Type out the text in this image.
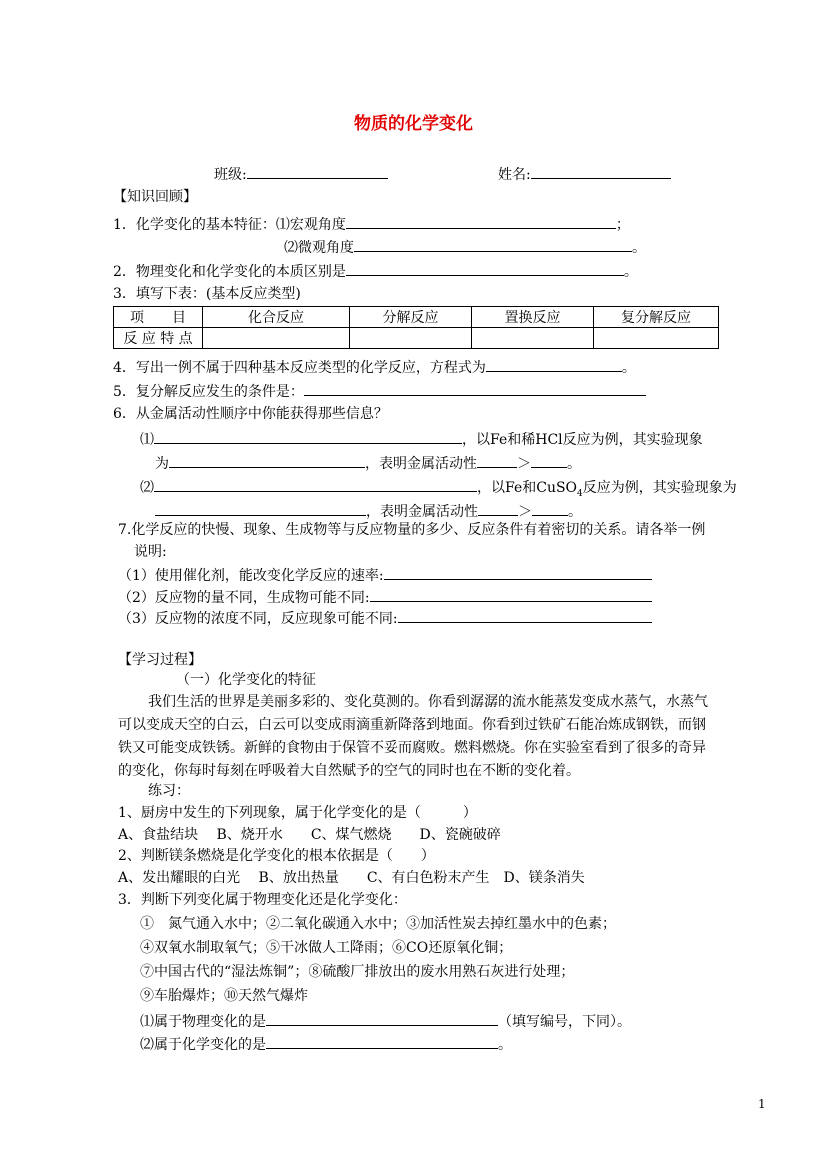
物质的化学变化
班级:	姓名:
【知识回顾】
1．化学变化的基本特征：⑴宏观角度	；
⑵微观角度	。
2．物理变化和化学变化的本质区别是	。
3．填写下表：(基本反应类型)
项　　目	化合反应	分解反应	置换反应	复分解反应
反 应 特 点				
4．写出一例不属于四种基本反应类型的化学反应，方程式为	。
5．复分解反应发生的条件是：
6．从金属活动性顺序中你能获得那些信息？
⑴	，以Fe和稀HCl反应为例，其实验现象
为	，表明金属活动性	＞	。
⑵	，以Fe和CuSO$_4$反应为例，其实验现象为
，表明金属活动性	＞	。
7.化学反应的快慢、现象、生成物等与反应物量的多少、反应条件有着密切的关系。请各举一例
说明:
（1）使用催化剂，能改变化学反应的速率:
（2）反应物的量不同，生成物可能不同:
（3）反应物的浓度不同，反应现象可能不同:
【学习过程】
（一）化学变化的特征
我们生活的世界是美丽多彩的、变化莫测的。你看到潺潺的流水能蒸发变成水蒸气，水蒸气
可以变成天空的白云，白云可以变成雨滴重新降落到地面。你看到过铁矿石能冶炼成钢铁，而钢
铁又可能变成铁锈。新鲜的食物由于保管不妥而腐败。燃料燃烧。你在实验室看到了很多的奇异
的变化，你每时每刻在呼吸着大自然赋予的空气的同时也在不断的变化着。
练习：
1、厨房中发生的下列现象，属于化学变化的是（　　　）
A、食盐结块　 B、烧开水　　C、煤气燃烧　　D、瓷碗破碎
2、判断镁条燃烧是化学变化的根本依据是（　　）
A、发出耀眼的白光　 B、放出热量　　C、有白色粉末产生　D、镁条消失
3．判断下列变化属于物理变化还是化学变化：
①　氮气通入水中；②二氧化碳通入水中；③加活性炭去掉红墨水中的色素；
④双氧水制取氧气；⑤干冰做人工降雨；⑥CO还原氧化铜；
⑦中国古代的“湿法炼铜”；⑧硫酸厂排放出的废水用熟石灰进行处理；
⑨车胎爆炸；⑩天然气爆炸
⑴属于物理变化的是	（填写编号，下同）。
⑵属于化学变化的是	。
1
